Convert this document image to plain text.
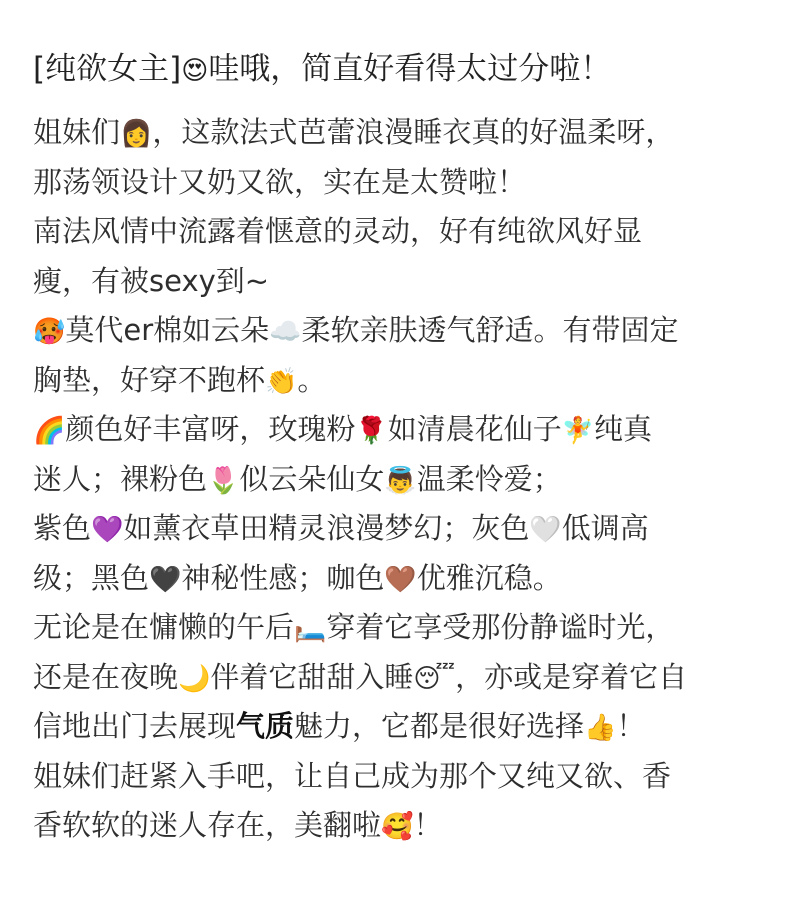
[纯欲女主]😍哇哦，简直好看得太过分啦！
姐妹们👩，这款法式芭蕾浪漫睡衣真的好温柔呀，
那荡领设计又奶又欲，实在是太赞啦！
南法风情中流露着惬意的灵动，好有纯欲风好显
瘦，有被sexy到~
🥵莫代er棉如云朵☁️柔软亲肤透气舒适。有带固定
胸垫，好穿不跑杯👏。
🌈颜色好丰富呀，玫瑰粉🌹如清晨花仙子🧚纯真
迷人；裸粉色🌷似云朵仙女👼温柔怜爱；
紫色💜如薰衣草田精灵浪漫梦幻；灰色🤍低调高
级；黑色🖤神秘性感；咖色🤎优雅沉稳。
无论是在慵懒的午后🛏️穿着它享受那份静谧时光，
还是在夜晚🌙伴着它甜甜入睡😴，亦或是穿着它自
信地出门去展现气质魅力，它都是很好选择👍！
姐妹们赶紧入手吧，让自己成为那个又纯又欲、香
香软软的迷人存在，美翻啦🥰！
